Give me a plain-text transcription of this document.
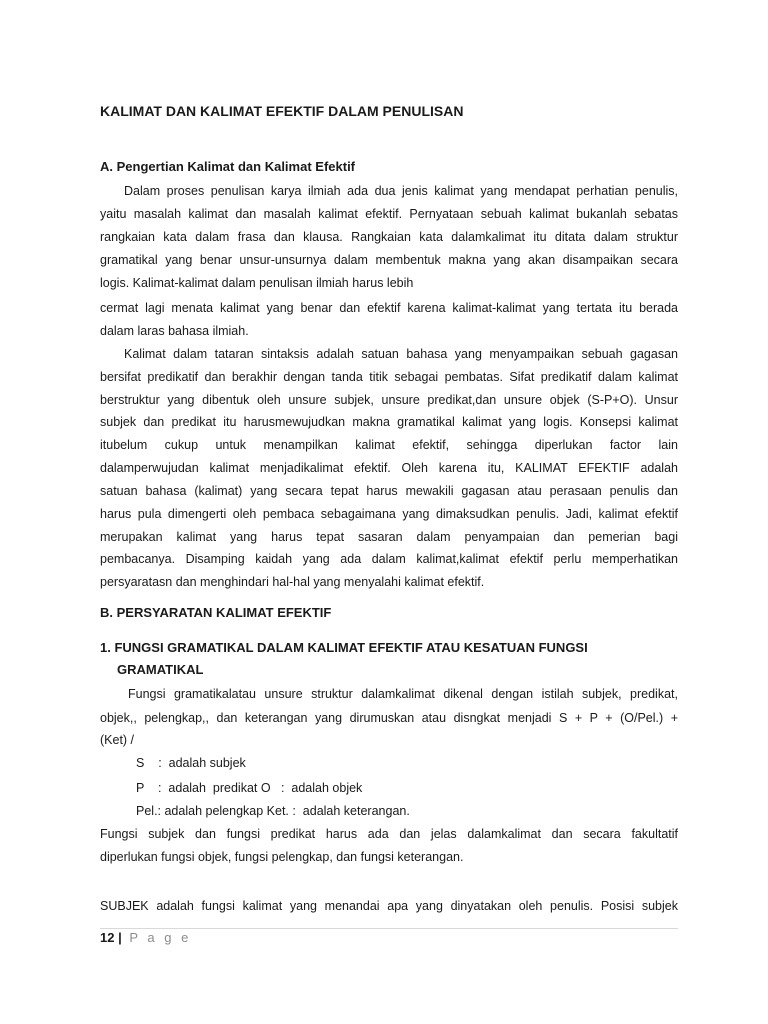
KALIMAT DAN KALIMAT EFEKTIF DALAM PENULISAN
A. Pengertian Kalimat dan Kalimat Efektif
Dalam proses penulisan karya ilmiah ada dua jenis kalimat yang mendapat perhatian penulis,
yaitu masalah kalimat dan masalah kalimat efektif. Pernyataan sebuah kalimat bukanlah sebatas
rangkaian kata dalam frasa dan klausa. Rangkaian kata dalamkalimat itu ditata dalam struktur
gramatikal yang benar unsur-unsurnya dalam membentuk makna yang akan disampaikan secara
logis. Kalimat-kalimat dalam penulisan ilmiah harus lebih
cermat lagi menata kalimat yang benar dan efektif karena kalimat-kalimat yang tertata itu berada
dalam laras bahasa ilmiah.
Kalimat dalam tataran sintaksis adalah satuan bahasa yang menyampaikan sebuah gagasan
bersifat predikatif dan berakhir dengan tanda titik sebagai pembatas. Sifat predikatif dalam kalimat
berstruktur yang dibentuk oleh unsure subjek, unsure predikat,dan unsure objek (S-P+O). Unsur
subjek dan predikat itu harusmewujudkan makna gramatikal kalimat yang logis. Konsepsi kalimat
itubelum cukup untuk menampilkan kalimat efektif, sehingga diperlukan factor lain
dalamperwujudan kalimat menjadikalimat efektif. Oleh karena itu, KALIMAT EFEKTIF adalah
satuan bahasa (kalimat) yang secara tepat harus mewakili gagasan atau perasaan penulis dan
harus pula dimengerti oleh pembaca sebagaimana yang dimaksudkan penulis. Jadi, kalimat efektif
merupakan kalimat yang harus tepat sasaran dalam penyampaian dan pemerian bagi
pembacanya. Disamping kaidah yang ada dalam kalimat,kalimat efektif perlu memperhatikan
persyaratasn dan menghindari hal-hal yang menyalahi kalimat efektif.
B. PERSYARATAN KALIMAT EFEKTIF
1. FUNGSI GRAMATIKAL DALAM KALIMAT EFEKTIF ATAU KESATUAN FUNGSI
GRAMATIKAL
Fungsi gramatikalatau unsure struktur dalamkalimat dikenal dengan istilah subjek, predikat,
objek,, pelengkap,, dan keterangan yang dirumuskan atau disngkat menjadi S + P + (O/Pel.) +
(Ket) /
S    :  adalah subjek
P    :  adalah  predikat O   :  adalah objek
Pel.: adalah pelengkap Ket. :  adalah keterangan.
Fungsi subjek dan fungsi predikat harus ada dan jelas dalamkalimat dan secara fakultatif
diperlukan fungsi objek, fungsi pelengkap, dan fungsi keterangan.
SUBJEK adalah fungsi kalimat yang menandai apa yang dinyatakan oleh penulis. Posisi subjek
12 | P a g e
